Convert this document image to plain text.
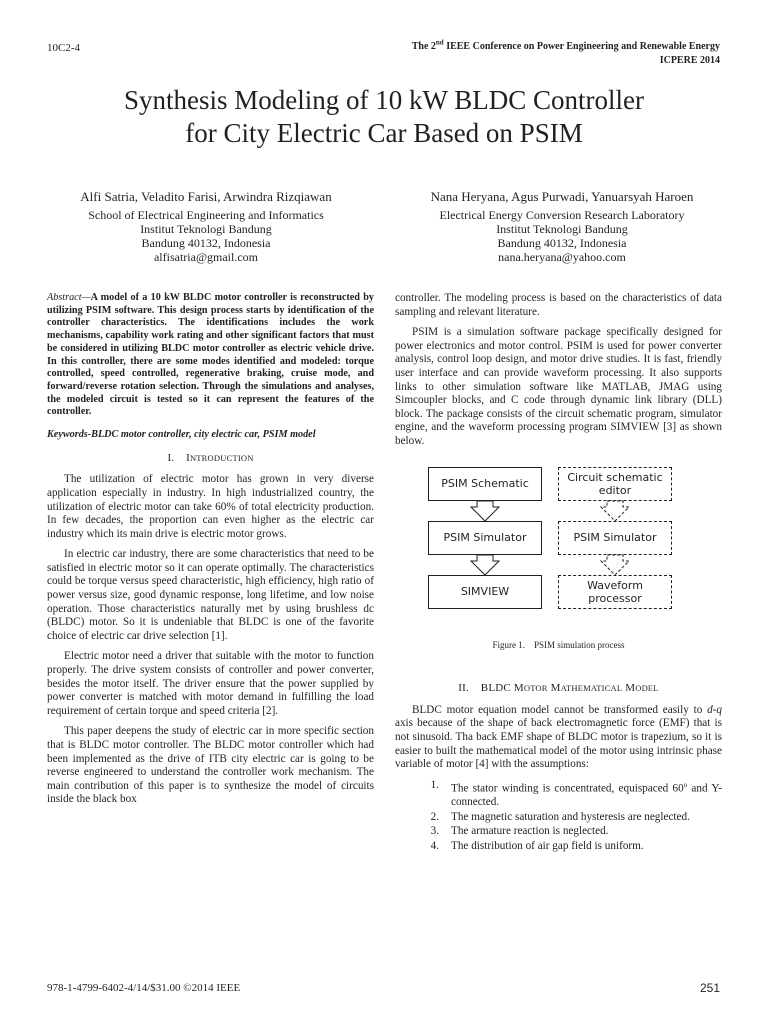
10C2-4	The 2nd IEEE Conference on Power Engineering and Renewable Energy
ICPERE 2014
Synthesis Modeling of 10 kW BLDC Controller
for City Electric Car Based on PSIM
Alfi Satria, Veladito Farisi, Arwindra Rizqiawan
School of Electrical Engineering and Informatics
Institut Teknologi Bandung
Bandung 40132, Indonesia
alfisatria@gmail.com
Nana Heryana, Agus Purwadi, Yanuarsyah Haroen
Electrical Energy Conversion Research Laboratory
Institut Teknologi Bandung
Bandung 40132, Indonesia
nana.heryana@yahoo.com
Abstract—A model of a 10 kW BLDC motor controller is reconstructed by utilizing PSIM software. This design process starts by identification of the controller characteristics. The identifications includes the work mechanisms, capability work rating and other significant factors that must be considered in utilizing BLDC motor controller as electric vehicle drive. In this controller, there are some modes identified and modeled: torque controlled, speed controlled, regenerative braking, cruise mode, and forward/reverse rotation selection. Through the simulations and analyses, the modeled circuit is tested so it can represent the features of the controller.
Keywords-BLDC motor controller, city electric car, PSIM model
I. INTRODUCTION

The utilization of electric motor has grown in very diverse application especially in industry. In high industrialized country, the utilization of electric motor can take 60% of total electricity production. In few decades, the proportion can even higher as the electric car industry which its main drive is electric motor grows.

In electric car industry, there are some characteristics that need to be satisfied in electric motor so it can operate optimally. The characteristics could be torque versus speed characteristic, high efficiency, high ratio of power versus size, good dynamic response, long lifetime, and low noise operation. Those characteristics naturally met by using brushless dc (BLDC) motor. So it is undeniable that BLDC is one of the favorite choice of electric car drive selection [1].

Electric motor need a driver that suitable with the motor to function properly. The drive system consists of controller and power converter, besides the motor itself. The driver ensure that the power supplied by power converter is matched with motor demand in fulfilling the load requirement of certain torque and speed criteria [2].

This paper deepens the study of electric car in more specific section that is BLDC motor controller. The BLDC motor controller which had been implemented as the drive of ITB city electric car is going to be reverse engineered to understand the controller work mechanism. The main contribution of this paper is to synthesize the model of circuits inside the black box

controller. The modeling process is based on the characteristics of data sampling and relevant literature.

PSIM is a simulation software package specifically designed for power electronics and motor control. PSIM is used for power converter analysis, control loop design, and motor drive studies. It is fast, friendly user interface and can provide waveform processing. It also supports links to other simulation software like MATLAB, JMAG using Simcoupler blocks, and C code through dynamic link library (DLL) block. The package consists of the circuit schematic program, simulator engine, and the waveform processing program SIMVIEW [3] as shown below.

PSIM Schematic
PSIM Simulator
SIMVIEW
Circuit schematic
editor
PSIM Simulator
Waveform
processor
Figure 1.    PSIM simulation process
II. BLDC MOTOR MATHEMATICAL MODEL

BLDC motor equation model cannot be transformed easily to d-q axis because of the shape of back electromagnetic force (EMF) that is not sinusoid. Tha back EMF shape of BLDC motor is trapezium, so it is easier to built the mathematical model of the motor using intrinsic phase variable of motor [4] with the assumptions:

1.	The stator winding is concentrated, equispaced 60$^o$ and Y-connected.
2.	The magnetic saturation and hysteresis are neglected.
3.	The armature reaction is neglected.
4.	The distribution of air gap field is uniform.
978-1-4799-6402-4/14/$31.00 ©2014 IEEE	251
